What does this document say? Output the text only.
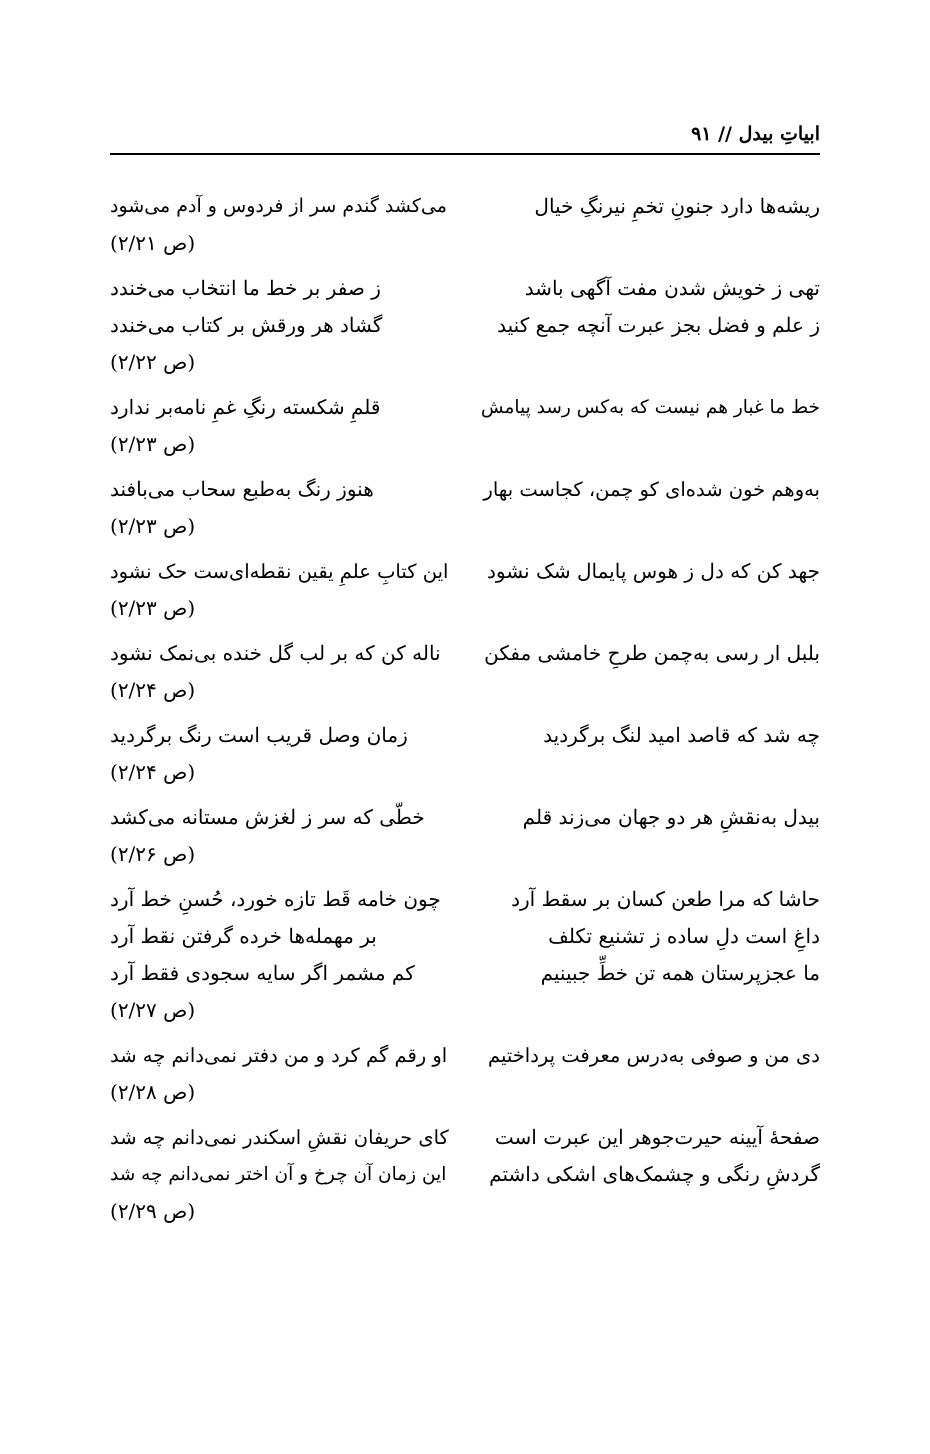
ابیاتِ بیدل // ۹۱
ریشه‌ها دارد جنونِ تخمِ نیرنگِ خیال
می‌کشد گندم سر از فردوس و آدم می‌شود
(ص ۲/۲۱)
تهی ز خویش شدن مفت آگهی باشد
ز صفر بر خط ما انتخاب می‌خندد
ز علم و فضل بجز عبرت آنچه جمع کنید
گشاد هر ورقش بر کتاب می‌خندد
(ص ۲/۲۲)
خط ما غبار هم نیست که به‌کس رسد پیامش
قلمِ شکسته رنگِ غمِ نامه‌بر ندارد
(ص ۲/۲۳)
به‌وهم خون شده‌ای کو چمن، کجاست بهار
هنوز رنگ به‌طبع سحاب می‌بافند
(ص ۲/۲۳)
جهد کن که دل ز هوس پایمال شک نشود
این کتابِ علمِ یقین نقطه‌ای‌ست حک نشود
(ص ۲/۲۳)
بلبل ار رسی به‌چمن طرحِ خامشی مفکن
ناله کن که بر لب گل خنده بی‌نمک نشود
(ص ۲/۲۴)
چه شد که قاصد امید لنگ برگردید
زمان وصل قریب است رنگ برگردید
(ص ۲/۲۴)
بیدل به‌نقشِ هر دو جهان می‌زند قلم
خطّی که سر ز لغزش مستانه می‌کشد
(ص ۲/۲۶)
حاشا که مرا طعن کسان بر سقط آرد
چون خامه قَط تازه خورد، حُسنِ خط آرد
داغِ است دلِ ساده ز تشنیع تکلف
بر مهمله‌ها خرده گرفتن نقط آرد
ما عجزپرستان همه تن خطِّ جبینیم
کم مشمر اگر سایه سجودی فقط آرد
(ص ۲/۲۷)
دی من و صوفی به‌درس معرفت پرداختیم
او رقم گم کرد و من دفتر نمی‌دانم چه شد
(ص ۲/۲۸)
صفحهٔ آیینه حیرت‌جوهر این عبرت است
کای حریفان نقشِ اسکندر نمی‌دانم چه شد
گردشِ رنگی و چشمک‌های اشکی داشتم
این زمان آن چرخ و آن اختر نمی‌دانم چه شد
(ص ۲/۲۹)
